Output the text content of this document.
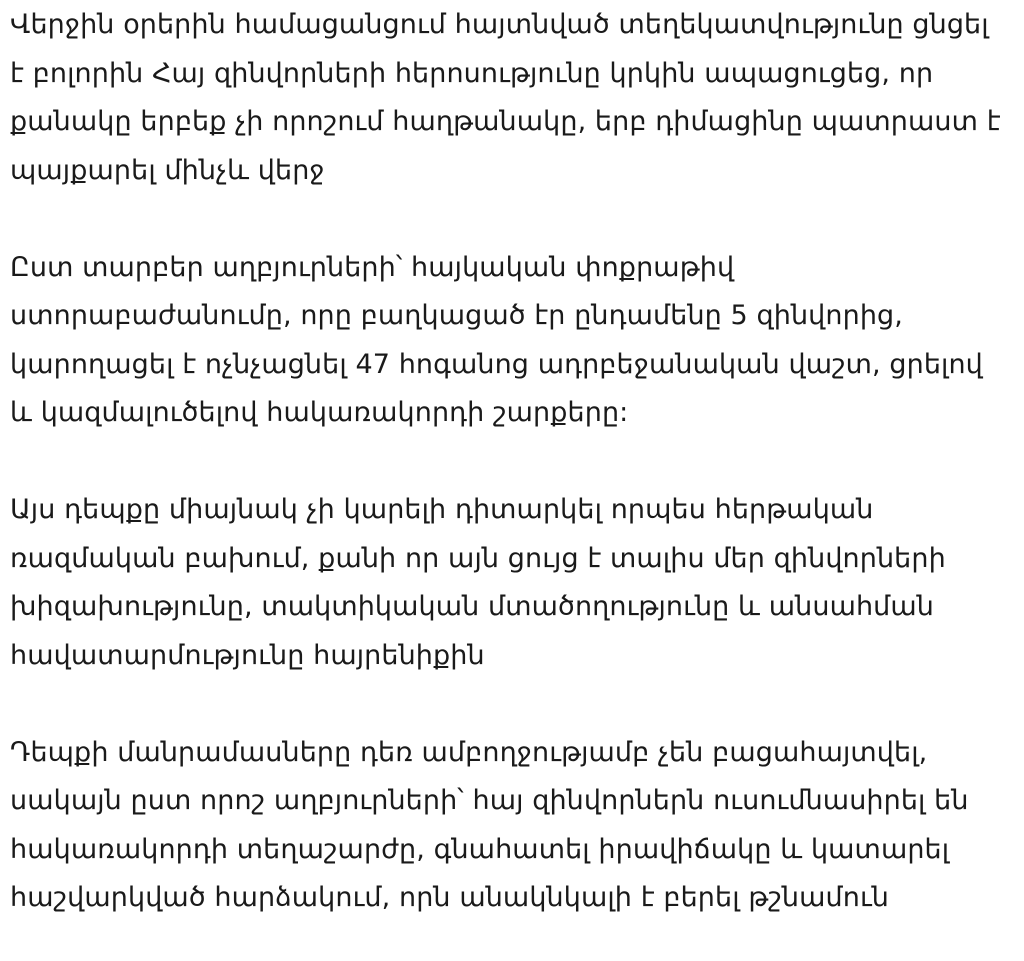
Վերջին օրերին համացանցում հայտնված տեղեկատվությունը ցնցել
է բոլորին Հայ զինվորների հերոսությունը կրկին ապացուցեց, որ
քանակը երբեք չի որոշում հաղթանակը, երբ դիմացինը պատրաստ է
պայքարել մինչև վերջ

Ըստ տարբեր աղբյուրների՝ հայկական փոքրաթիվ
ստորաբաժանումը, որը բաղկացած էր ընդամենը 5 զինվորից,
կարողացել է ոչնչացնել 47 հոգանոց ադրբեջանական վաշտ, ցրելով
և կազմալուծելով հակառակորդի շարքերը:

Այս դեպքը միայնակ չի կարելի դիտարկել որպես հերթական
ռազմական բախում, քանի որ այն ցույց է տալիս մեր զինվորների
խիզախությունը, տակտիկական մտածողությունը և անսահման
հավատարմությունը հայրենիքին

Դեպքի մանրամասները դեռ ամբողջությամբ չեն բացահայտվել,
սակայն ըստ որոշ աղբյուրների՝ հայ զինվորներն ուսումնասիրել են
հակառակորդի տեղաշարժը, գնահատել իրավիճակը և կատարել
հաշվարկված հարձակում, որն անակնկալի է բերել թշնամուն
